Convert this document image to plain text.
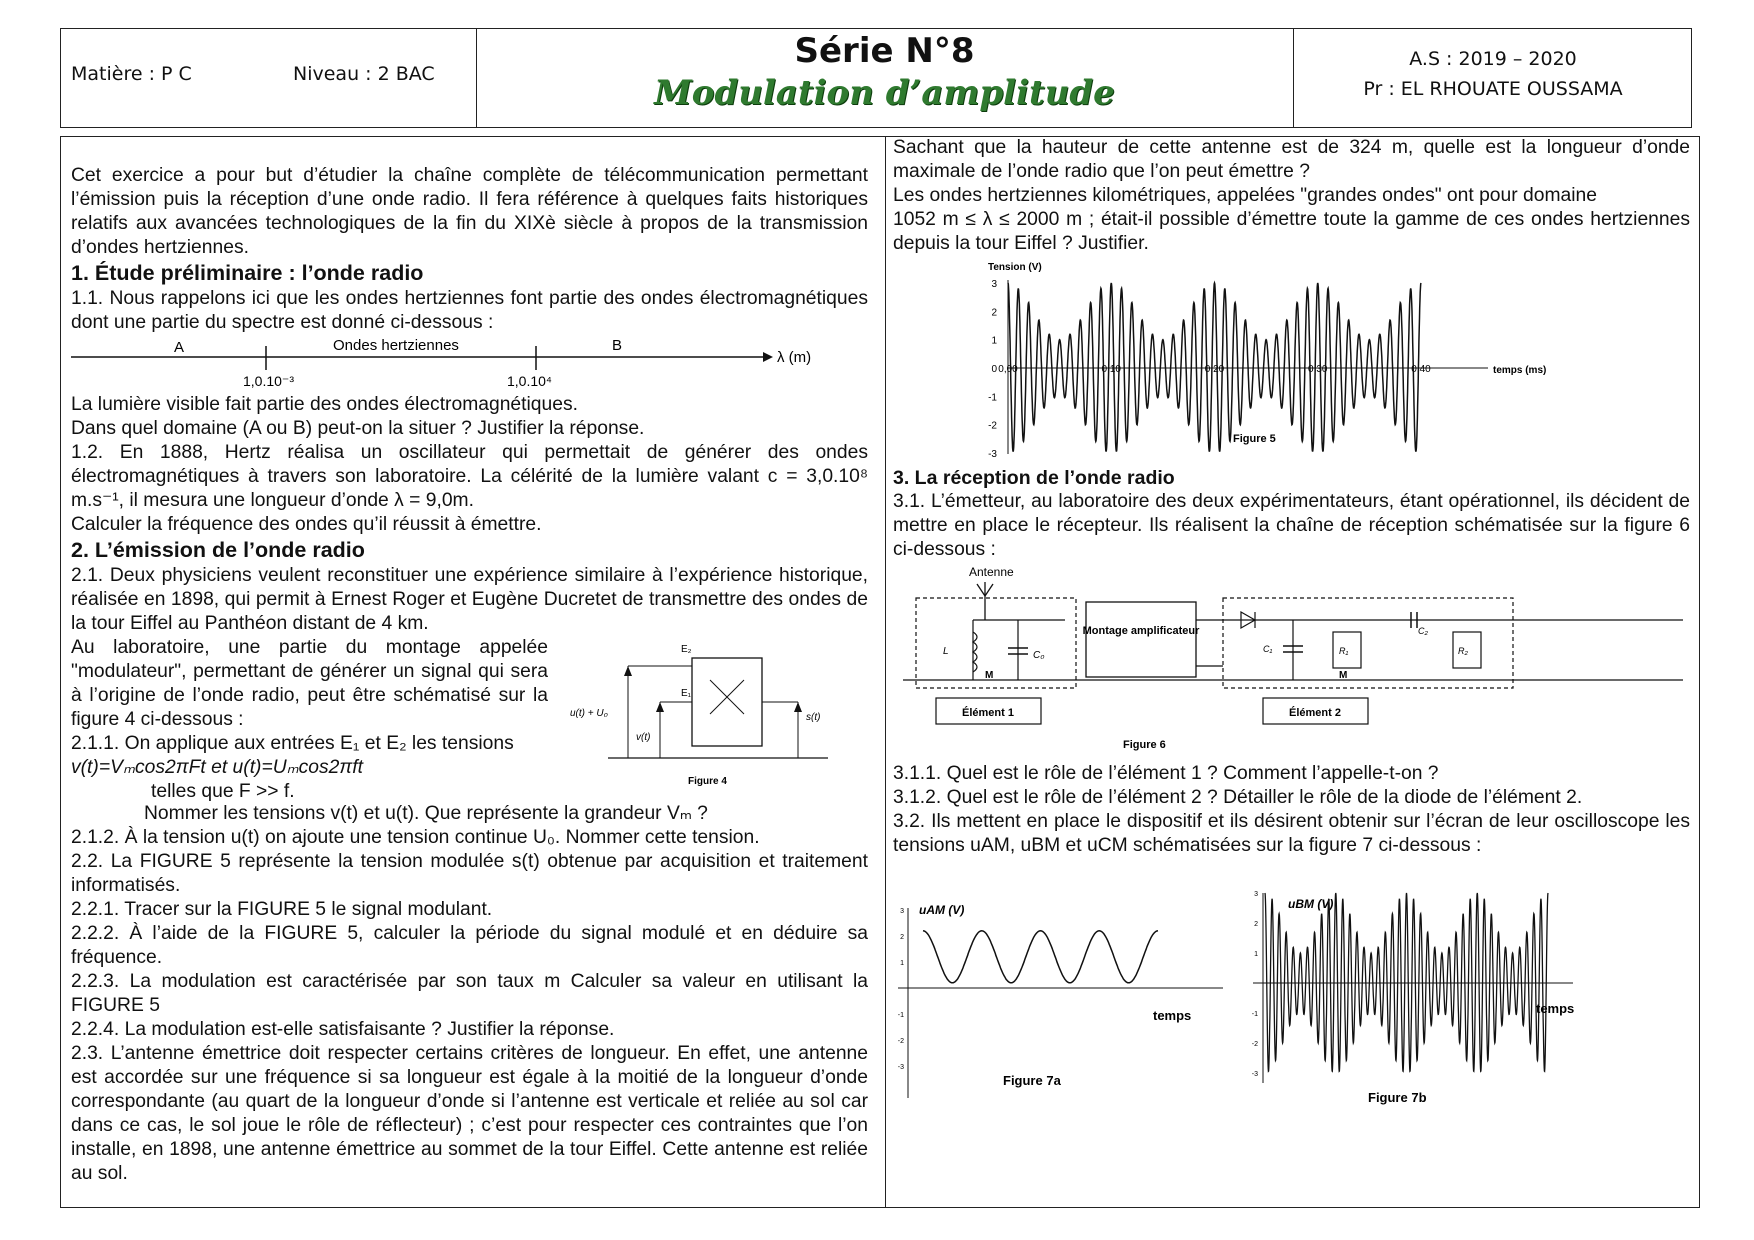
Matière : P C	Niveau : 2 BAC
A.S : 2019 – 2020
Pr : EL RHOUATE OUSSAMA
Série N°8
Modulation d’amplitude

Cet exercice a pour but d’étudier la chaîne complète de télécommunication permettant l’émission puis la réception d’une onde radio. Il fera référence à quelques faits historiques relatifs aux avancées technologiques de la fin du XIXè siècle à propos de la transmission d’ondes hertziennes.

1. Étude préliminaire : l’onde radio

1.1. Nous rappelons ici que les ondes hertziennes font partie des ondes électromagnétiques dont une partie du spectre est donné ci-dessous :

A	Ondes hertziennes	B
λ (m)
1,0.10⁻³	1,0.10⁴

La lumière visible fait partie des ondes électromagnétiques.

Dans quel domaine (A ou B) peut-on la situer ? Justifier la réponse.

1.2. En 1888, Hertz réalisa un oscillateur qui permettait de générer des ondes électromagnétiques à travers son laboratoire. La célérité de la lumière valant c = 3,0.10⁸ m.s⁻¹, il mesura une longueur d’onde λ = 9,0m.

Calculer la fréquence des ondes qu’il réussit à émettre.

2. L’émission de l’onde radio

2.1. Deux physiciens veulent reconstituer une expérience similaire à l’expérience historique, réalisée en 1898, qui permit à Ernest Roger et Eugène Ducretet de transmettre des ondes de la tour Eiffel au Panthéon distant de 4 km.

Au laboratoire, une partie du montage appelée "modulateur", permettant de générer un signal qui sera à l’origine de l’onde radio, peut être schématisé sur la figure 4 ci-dessous :

2.1.1. On applique aux entrées E₁ et E₂ les tensions

v(t)=Vₘcos2πFt et u(t)=Uₘcos2πft

telles que F >> f.

E₂
E₁
u(t) + U₀
v(t)
s(t)
Figure 4

Nommer les tensions v(t) et u(t). Que représente la grandeur Vₘ ?

2.1.2. À la tension u(t) on ajoute une tension continue U₀. Nommer cette tension.

2.2. La FIGURE 5 représente la tension modulée s(t) obtenue par acquisition et traitement informatisés.

2.2.1. Tracer sur la FIGURE 5 le signal modulant.

2.2.2. À l’aide de la FIGURE 5, calculer la période du signal modulé et en déduire sa fréquence.

2.2.3. La modulation est caractérisée par son taux m Calculer sa valeur en utilisant la FIGURE 5

2.2.4. La modulation est-elle satisfaisante ? Justifier la réponse.

2.3. L’antenne émettrice doit respecter certains critères de longueur. En effet, une antenne est accordée sur une fréquence si sa longueur est égale à la moitié de la longueur d’onde correspondante (au quart de la longueur d’onde si l’antenne est verticale et reliée au sol car dans ce cas, le sol joue le rôle de réflecteur) ; c’est pour respecter ces contraintes que l’on installe, en 1898, une antenne émettrice au sommet de la tour Eiffel. Cette antenne est reliée au sol.

Sachant que la hauteur de cette antenne est de 324 m, quelle est la longueur d’onde maximale de l’onde radio que l’on peut émettre ?

Les ondes hertziennes kilométriques, appelées "grandes ondes" ont pour domaine

1052 m ≤ λ ≤ 2000 m ; était-il possible d’émettre toute la gamme de ces ondes hertziennes depuis la tour Eiffel ? Justifier.

Tension (V)
3
2
1
0
-1
-2
-3
0,00	0,10	0,20	0,30	0,40	temps (ms)
Figure 5
3. La réception de l’onde radio

3.1. L’émetteur, au laboratoire des deux expérimentateurs, étant opérationnel, ils décident de mettre en place le récepteur. Ils réalisent la chaîne de réception schématisée sur la figure 6 ci-dessous :

Antenne
L	C₀
Montage amplificateur
C₁	R₁
C₂
R₂
M	M
Élément 1	Élément 2
Figure 6

3.1.1. Quel est le rôle de l’élément 1 ? Comment l’appelle-t-on ?

3.1.2. Quel est le rôle de l’élément 2 ? Détailler le rôle de la diode de l’élément 2.

3.2. Ils mettent en place le dispositif et ils désirent obtenir sur l’écran de leur oscilloscope les tensions uAM, uBM et uCM schématisées sur la figure 7 ci-dessous :

uAM (V)
3
2
1
-1
-2
-3
temps
Figure 7a
uBM (V)
3
2
1
-1
-2
-3
temps
Figure 7b
